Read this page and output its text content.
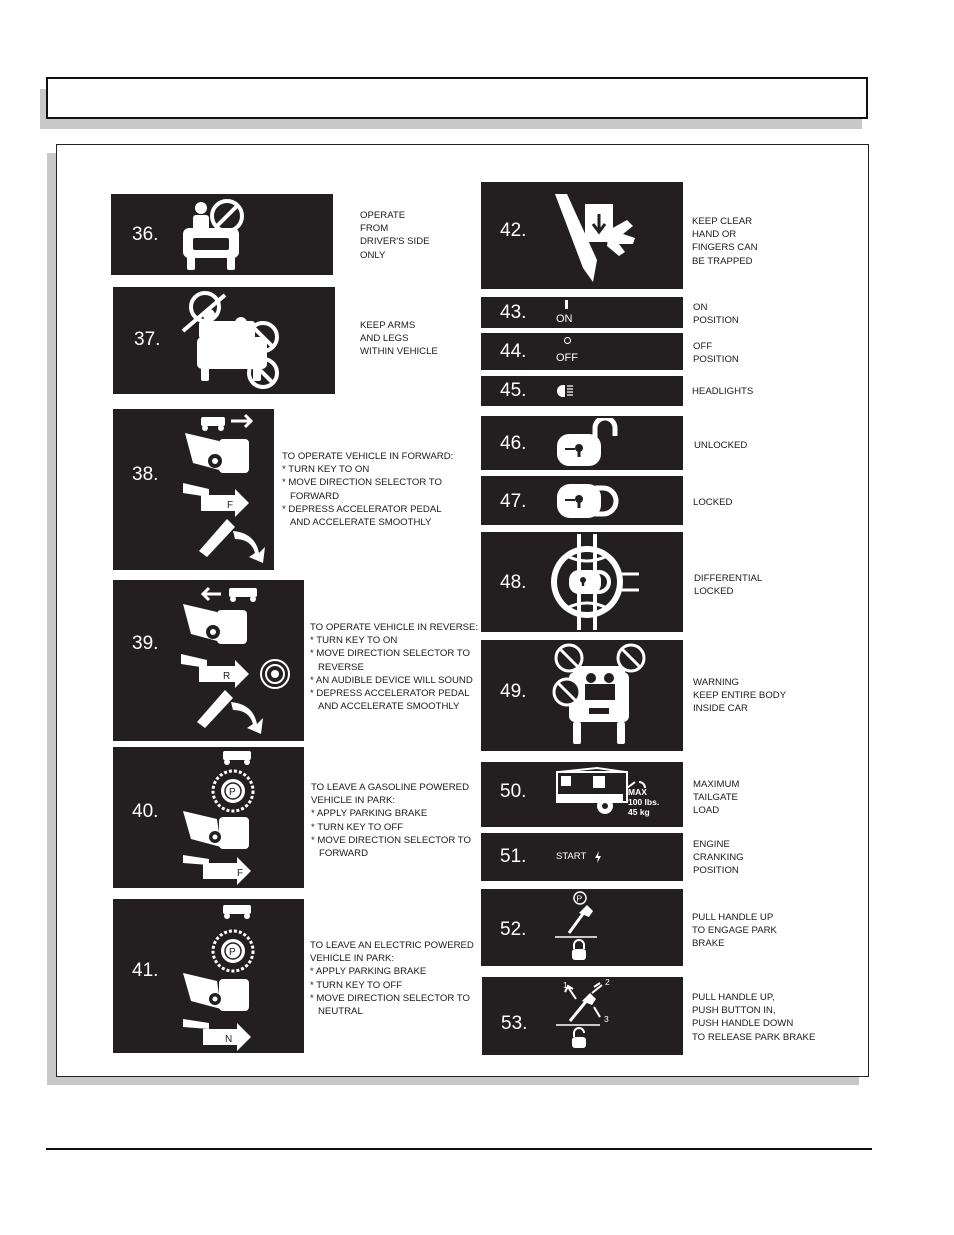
36.
OPERATE
FROM
DRIVER'S SIDE
ONLY
37.
KEEP ARMS
AND LEGS
WITHIN VEHICLE
38.
F
TO OPERATE VEHICLE IN FORWARD:
* TURN KEY TO ON
* MOVE DIRECTION SELECTOR TO
FORWARD
* DEPRESS ACCELERATOR PEDAL
AND ACCELERATE SMOOTHLY
39.
R
TO OPERATE VEHICLE IN REVERSE:
* TURN KEY TO ON
* MOVE DIRECTION SELECTOR TO
REVERSE
* AN AUDIBLE DEVICE WILL SOUND
* DEPRESS ACCELERATOR PEDAL
AND ACCELERATE SMOOTHLY
40.
P
F
TO LEAVE A GASOLINE POWERED
VEHICLE IN PARK:
* APPLY PARKING BRAKE
* TURN KEY TO OFF
* MOVE DIRECTION SELECTOR TO
FORWARD
41.
P
N
TO LEAVE AN ELECTRIC POWERED
VEHICLE IN PARK:
* APPLY PARKING BRAKE
* TURN KEY TO OFF
* MOVE DIRECTION SELECTOR TO
NEUTRAL
42.	KEEP CLEAR
HAND OR
FINGERS CAN
BE TRAPPED
43.	ON
ON
POSITION
44.	OFF
OFF
POSITION
45.	HEADLIGHTS
46.	UNLOCKED
47.	LOCKED
48.	DIFFERENTIAL
LOCKED
49.	WARNING
KEEP ENTIRE BODY
INSIDE CAR
50.	MAX
100 lbs.
45 kg
MAXIMUM
TAILGATE
LOAD
51.	START
ENGINE
CRANKING
POSITION
52.
P
PULL HANDLE UP
TO ENGAGE PARK
BRAKE
53.
1	2
3
PULL HANDLE UP,
PUSH BUTTON IN,
PUSH HANDLE DOWN
TO RELEASE PARK BRAKE
